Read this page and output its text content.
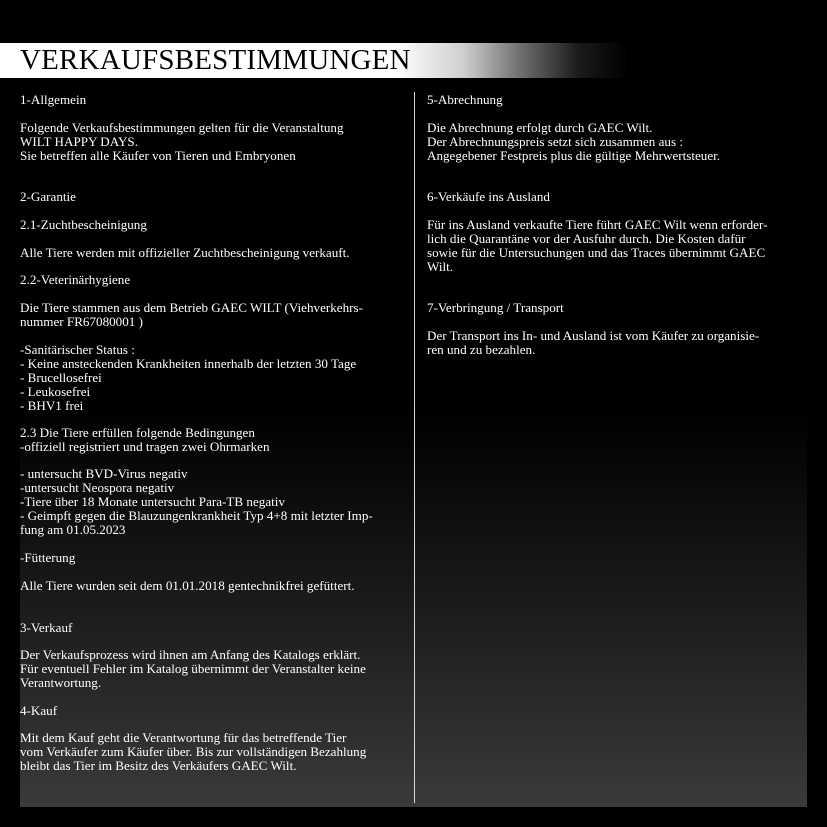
VERKAUFSBESTIMMUNGEN
1-Allgemein
Folgende Verkaufsbestimmungen gelten für die Veranstaltung
WILT HAPPY DAYS.
Sie betreffen alle Käufer von Tieren und Embryonen
2-Garantie
2.1-Zuchtbescheinigung
Alle Tiere werden mit offizieller Zuchtbescheinigung verkauft.
2.2-Veterinärhygiene
Die Tiere stammen aus dem Betrieb GAEC WILT (Viehverkehrs-
nummer FR67080001 )
-Sanitärischer Status :
- Keine ansteckenden Krankheiten innerhalb der letzten 30 Tage
- Brucellosefrei
- Leukosefrei
- BHV1 frei
2.3 Die Tiere erfüllen folgende Bedingungen
-offiziell registriert und tragen zwei Ohrmarken
- untersucht BVD-Virus negativ
-untersucht Neospora negativ
-Tiere über 18 Monate untersucht Para-TB negativ
- Geimpft gegen die Blauzungenkrankheit Typ 4+8 mit letzter Imp-
fung am 01.05.2023
-Fütterung
Alle Tiere wurden seit dem 01.01.2018 gentechnikfrei gefüttert.
3-Verkauf
Der Verkaufsprozess wird ihnen am Anfang des Katalogs erklärt.
Für eventuell Fehler im Katalog übernimmt der Veranstalter keine
Verantwortung.
4-Kauf
Mit dem Kauf geht die Verantwortung für das betreffende Tier
vom Verkäufer zum Käufer über. Bis zur vollständigen Bezahlung
bleibt das Tier im Besitz des Verkäufers GAEC Wilt.
5-Abrechnung
Die Abrechnung erfolgt durch GAEC Wilt.
Der Abrechnungspreis setzt sich zusammen aus :
Angegebener Festpreis plus die gültige Mehrwertsteuer.
6-Verkäufe ins Ausland
Für ins Ausland verkaufte Tiere führt GAEC Wilt wenn erforder-
lich die Quarantäne vor der Ausfuhr durch. Die Kosten dafür
sowie für die Untersuchungen und das Traces übernimmt GAEC
Wilt.
7-Verbringung / Transport
Der Transport ins In- und Ausland ist vom Käufer zu organisie-
ren und zu bezahlen.
